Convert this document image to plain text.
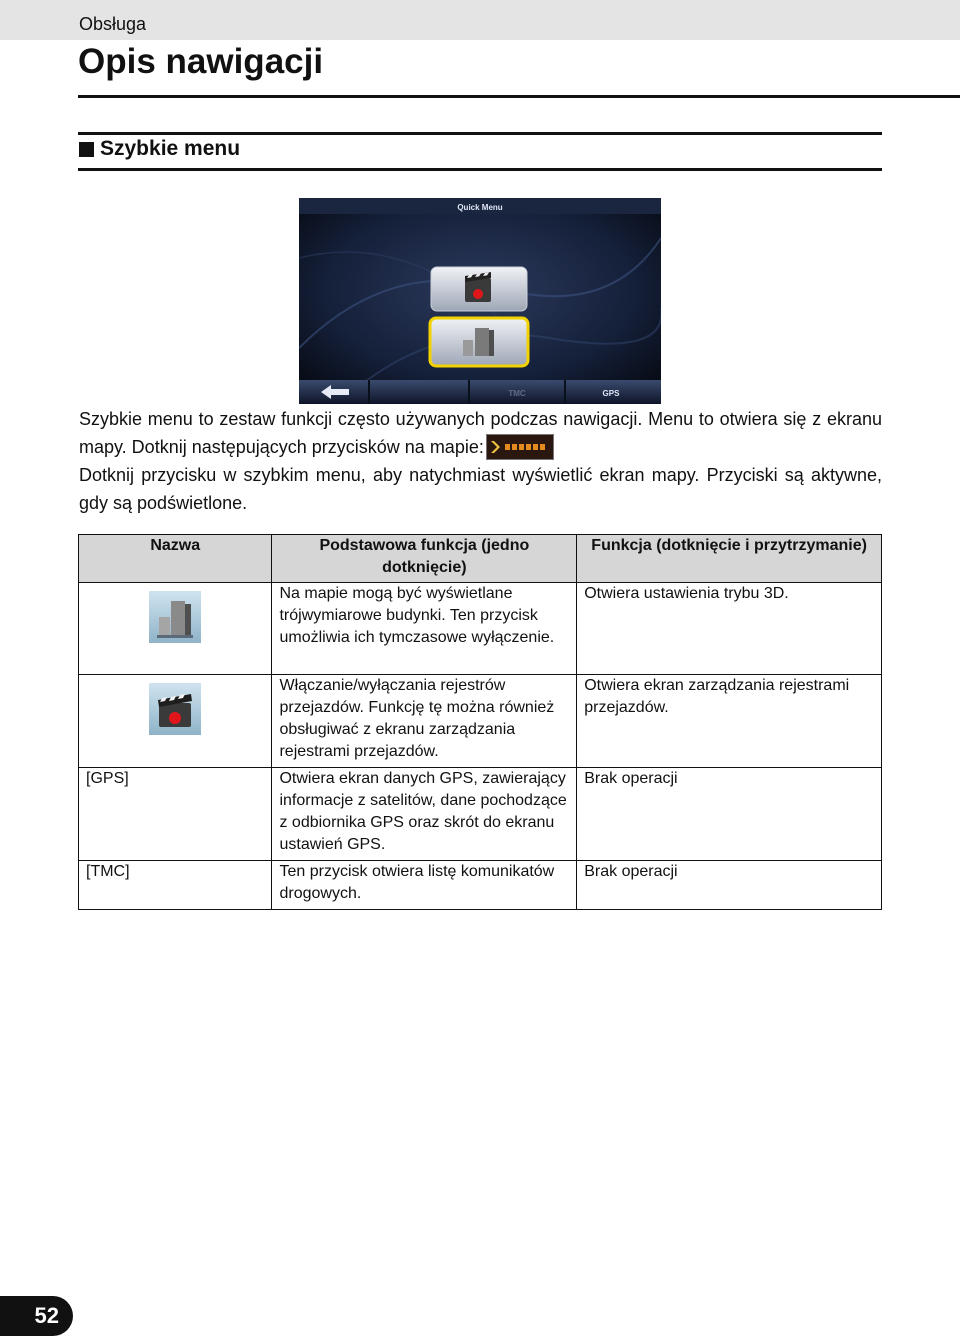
Obsługa
Opis nawigacji
Szybkie menu
Quick Menu
TMC	GPS

Szybkie menu to zestaw funkcji często używanych podczas nawigacji. Menu to otwiera się z ekranu mapy. Dotknij następujących przycisków na mapie:

Dotknij przycisku w szybkim menu, aby natychmiast wyświetlić ekran mapy. Przyciski są aktywne, gdy są podświetlone.

Nazwa	Podstawowa funkcja (jedno dotknięcie)	Funkcja (dotknięcie i przytrzymanie)
	Na mapie mogą być wyświetlane trójwymiarowe budynki. Ten przycisk umożliwia ich tymczasowe wyłączenie.	Otwiera ustawienia trybu 3D.
	Włączanie/wyłączania rejestrów przejazdów. Funkcję tę można również obsługiwać z ekranu zarządzania rejestrami przejazdów.	Otwiera ekran zarządzania rejestrami przejazdów.
[GPS]	Otwiera ekran danych GPS, zawierający informacje z satelitów, dane pochodzące z odbiornika GPS oraz skrót do ekranu ustawień GPS.	Brak operacji
[TMC]	Ten przycisk otwiera listę komunikatów drogowych.	Brak operacji
52
